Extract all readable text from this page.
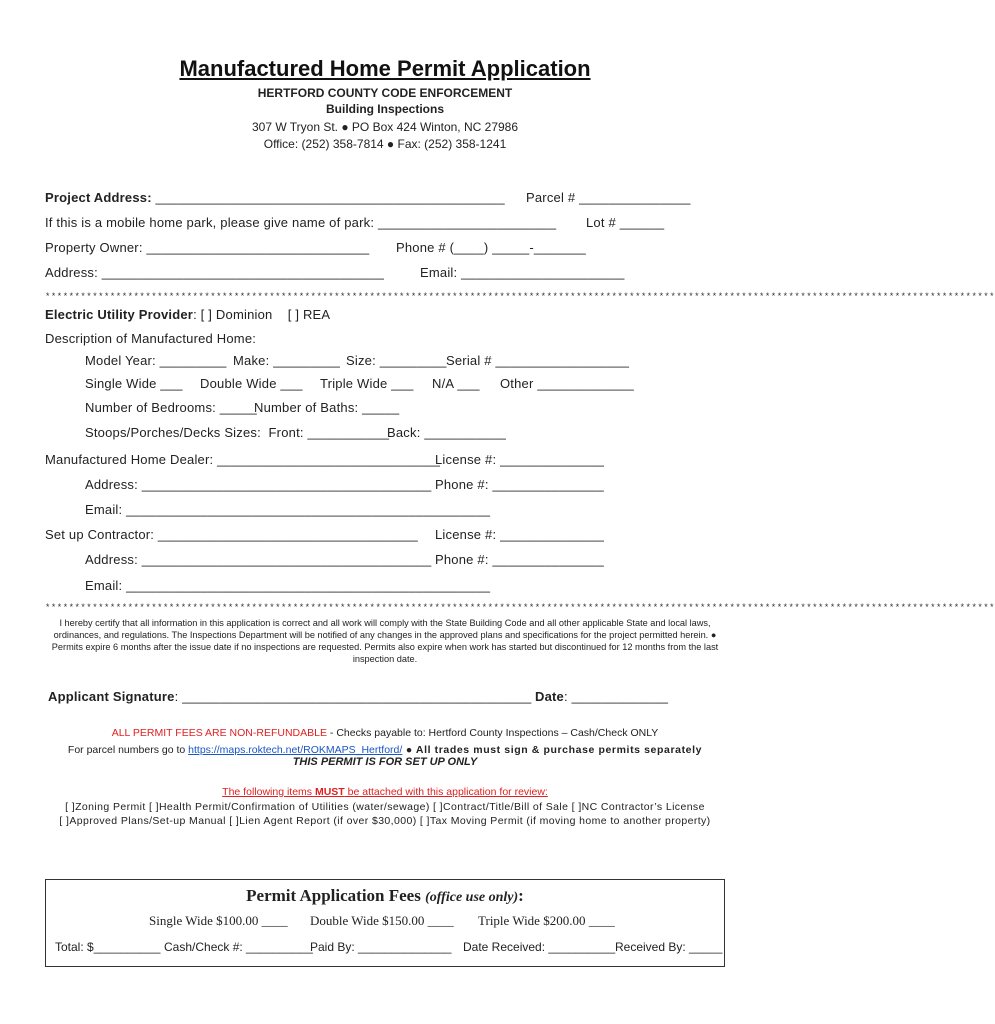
Manufactured Home Permit Application
HERTFORD COUNTY CODE ENFORCEMENT
Building Inspections
307 W Tryon St. ● PO Box 424 Winton, NC 27986
Office: (252) 358-7814 ● Fax: (252) 358-1241
Project Address: _______________________________________________ Parcel # _______________
If this is a mobile home park, please give name of park: ________________________ Lot # ______
Property Owner: ______________________________ Phone # (____) _____-_______
Address: ______________________________________	Email: ______________________
*****************************************************************************************************************************************************************
Electric Utility Provider: [ ] Dominion    [ ] REA
Description of Manufactured Home:
Model Year: _________ Make: _________ Size: _________ Serial # __________________
Single Wide ___ Double Wide ___ Triple Wide ___ N/A ___ Other _____________
Number of Bedrooms: _____
Number of Baths: _____
Stoops/Porches/Decks Sizes:  Front: ___________
Back: ___________
Manufactured Home Dealer: ______________________________
License #: ______________
Address: _______________________________________ Phone #: _______________
Email: _________________________________________________
Set up Contractor: ___________________________________ License #: ______________
Address: _______________________________________ Phone #: _______________
Email: _________________________________________________
*****************************************************************************************************************************************************************
I hereby certify that all information in this application is correct and all work will comply with the State Building Code and all other applicable State and local laws, ordinances, and regulations. The Inspections Department will be notified of any changes in the approved plans and specifications for the project permitted herein. ● Permits expire 6 months after the issue date if no inspections are requested. Permits also expire when work has started but discontinued for 12 months from the last inspection date.
Applicant Signature: _______________________________________________ Date: _____________
ALL PERMIT FEES ARE NON-REFUNDABLE - Checks payable to: Hertford County Inspections – Cash/Check ONLY
For parcel numbers go to https://maps.roktech.net/ROKMAPS_Hertford/ ● All trades must sign & purchase permits separately
THIS PERMIT IS FOR SET UP ONLY
The following items MUST be attached with this application for review:
[ ]Zoning Permit [ ]Health Permit/Confirmation of Utilities (water/sewage) [ ]Contract/Title/Bill of Sale [ ]NC Contractor’s License
[ ]Approved Plans/Set-up Manual [ ]Lien Agent Report (if over $30,000) [ ]Tax Moving Permit (if moving home to another property)
Permit Application Fees (office use only):
Single Wide $100.00 ____ Double Wide $150.00 ____ Triple Wide $200.00 ____
Total: $__________ Cash/Check #: __________
Paid By: ______________ Date Received: __________ Received By: _____
